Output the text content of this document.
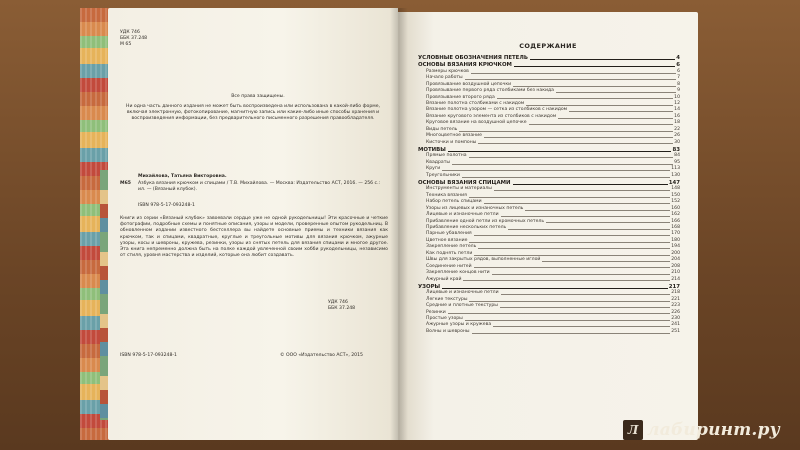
УДК 746
ББК 37.248
М 65
Все права защищены.
Ни одна часть данного издания не может быть воспроизведена или использована в какой-либо форме, включая электронную, фотокопирование, магнитную запись или какие-либо иные способы хранения и воспроизведения информации, без предварительного письменного разрешения правообладателя.
Михайлова, Татьяна Викторовна.
М65 Азбука вязания крючком и спицами / Т.В. Михайлова. — Москва: Издательство АСТ, 2016. — 256 с.: ил. — (Вязаный клубок).
ISBN 978-5-17-093248-1
Книги из серии «Вязаный клубок» завоевали сердце уже не одной рукодельницы! Эти красочные и четкие фотографии, подробные схемы и понятные описания, узоры и модели, проверенные опытом рукодельниц. В обновленном издании известного бестселлера вы найдете основные приемы и техники вязания как крючком, так и спицами, квадратные, круглые и треугольные мотивы для вязания крючком, ажурные узоры, косы и шевроны, кружева, резинки, узоры из снятых петель для вязания спицами и многое другое. Эта книга непременно должна быть на полке каждой увлеченной своим хобби рукодельницы, независимо от стиля, уровня мастерства и изделий, которые она любит создавать.
УДК 746
ББК 37.248
ISBN 978-5-17-093248-1	© ООО «Издательство АСТ», 2015
СОДЕРЖАНИЕ
УСЛОВНЫЕ ОБОЗНАЧЕНИЯ ПЕТЕЛЬ	4
ОСНОВЫ ВЯЗАНИЯ КРЮЧКОМ	6
Размеры крючков	6
Начало работы	7
Провязывание воздушной цепочки	8
Провязывание первого ряда столбиками без накида	9
Провязывание второго ряда	10
Вязание полотна столбиками с накидом	12
Вязание полотна узором — сетка из столбиков с накидом	14
Вязание кругового элемента из столбиков с накидом	16
Круговое вязание на воздушной цепочке	18
Виды петель	22
Многоцветное вязание	26
Кисточки и помпоны	30
МОТИВЫ	83
Прямые полотна	84
Квадраты	95
Круги	113
Треугольники	130
ОСНОВЫ ВЯЗАНИЯ СПИЦАМИ	147
Инструменты и материалы	148
Техника вязания	150
Набор петель спицами	152
Узоры из лицевых и изнаночных петель	160
Лицевые и изнаночные петли	162
Прибавление одной петли из кромочных петель	166
Прибавление нескольких петель	168
Парные убавления	170
Цветное вязание	180
Закрепление петель	194
Как поднять петли	200
Швы для закрытых рядов, выполненные иглой	204
Соединение нитей	208
Закрепление концов нити	210
Ажурный край	214
УЗОРЫ	217
Лицевые и изнаночные петли	218
Легкие текстуры	221
Средние и плотные текстуры	223
Резинки	226
Простые узоры	230
Ажурные узоры и кружева	241
Волны и шевроны	251
Л лабиринт.ру
